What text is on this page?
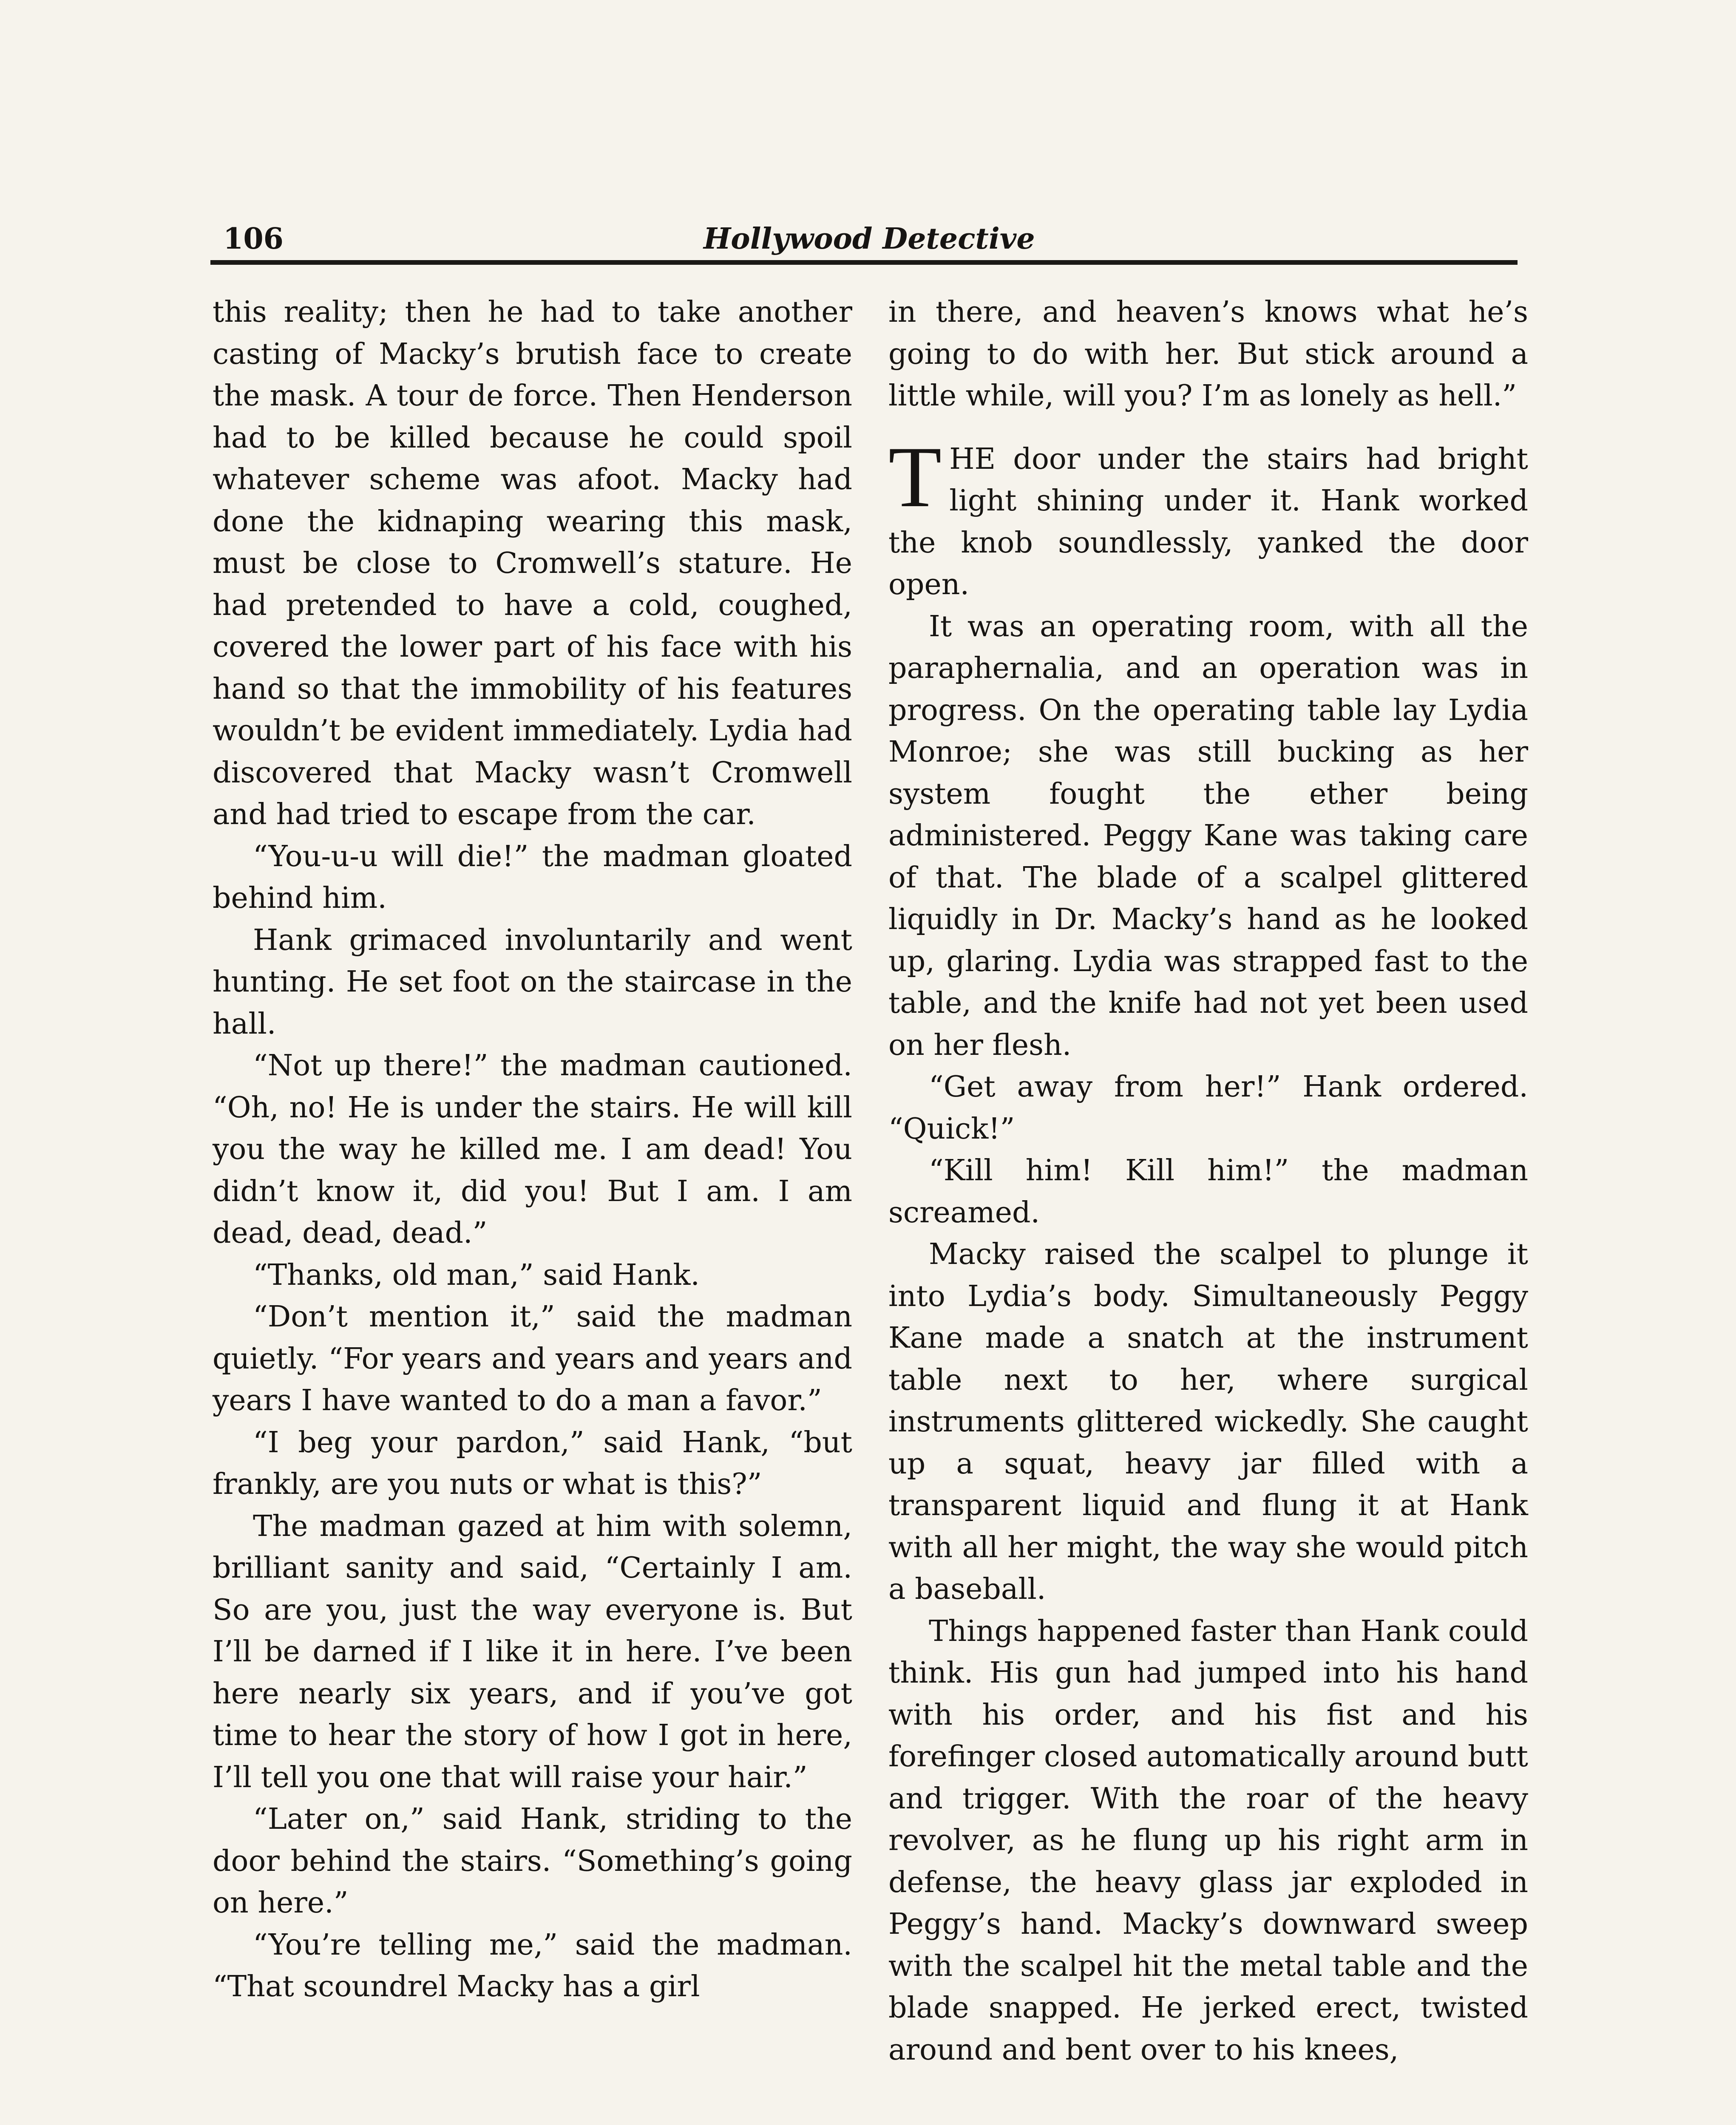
106	Hollywood Detective

this reality; then he had to take another casting of Macky’s brutish face to create the mask. A tour de force. Then Henderson had to be killed because he could spoil whatever scheme was afoot. Macky had done the kidnaping wearing this mask, must be close to Cromwell’s stature. He had pretended to have a cold, coughed, covered the lower part of his face with his hand so that the immobility of his features wouldn’t be evident immediately. Lydia had discovered that Macky wasn’t Cromwell and had tried to escape from the car.

“You-u-u will die!” the madman gloated behind him.

Hank grimaced involuntarily and went hunting. He set foot on the staircase in the hall.

“Not up there!” the madman cautioned. “Oh, no! He is under the stairs. He will kill you the way he killed me. I am dead! You didn’t know it, did you! But I am. I am dead, dead, dead.”

“Thanks, old man,” said Hank.

“Don’t mention it,” said the madman quietly. “For years and years and years and years I have wanted to do a man a favor.”

“I beg your pardon,” said Hank, “but frankly, are you nuts or what is this?”

The madman gazed at him with solemn, brilliant sanity and said, “Certainly I am. So are you, just the way everyone is. But I’ll be darned if I like it in here. I’ve been here nearly six years, and if you’ve got time to hear the story of how I got in here, I’ll tell you one that will raise your hair.”

“Later on,” said Hank, striding to the door behind the stairs. “Something’s going on here.”

“You’re telling me,” said the madman. “That scoundrel Macky has a girl

in there, and heaven’s knows what he’s going to do with her. But stick around a little while, will you? I’m as lonely as hell.”

THE door under the stairs had bright light shining under it. Hank worked the knob soundlessly, yanked the door open.

It was an operating room, with all the paraphernalia, and an operation was in progress. On the operating table lay Lydia Monroe; she was still bucking as her system fought the ether being administered. Peggy Kane was taking care of that. The blade of a scalpel glittered liquidly in Dr. Macky’s hand as he looked up, glaring. Lydia was strapped fast to the table, and the knife had not yet been used on her flesh.

“Get away from her!” Hank ordered. “Quick!”

“Kill him! Kill him!” the madman screamed.

Macky raised the scalpel to plunge it into Lydia’s body. Simultaneously Peggy Kane made a snatch at the instrument table next to her, where surgical instruments glittered wickedly. She caught up a squat, heavy jar filled with a transparent liquid and flung it at Hank with all her might, the way she would pitch a baseball.

Things happened faster than Hank could think. His gun had jumped into his hand with his order, and his fist and his forefinger closed automatically around butt and trigger. With the roar of the heavy revolver, as he flung up his right arm in defense, the heavy glass jar exploded in Peggy’s hand. Macky’s downward sweep with the scalpel hit the metal table and the blade snapped. He jerked erect, twisted around and bent over to his knees,
